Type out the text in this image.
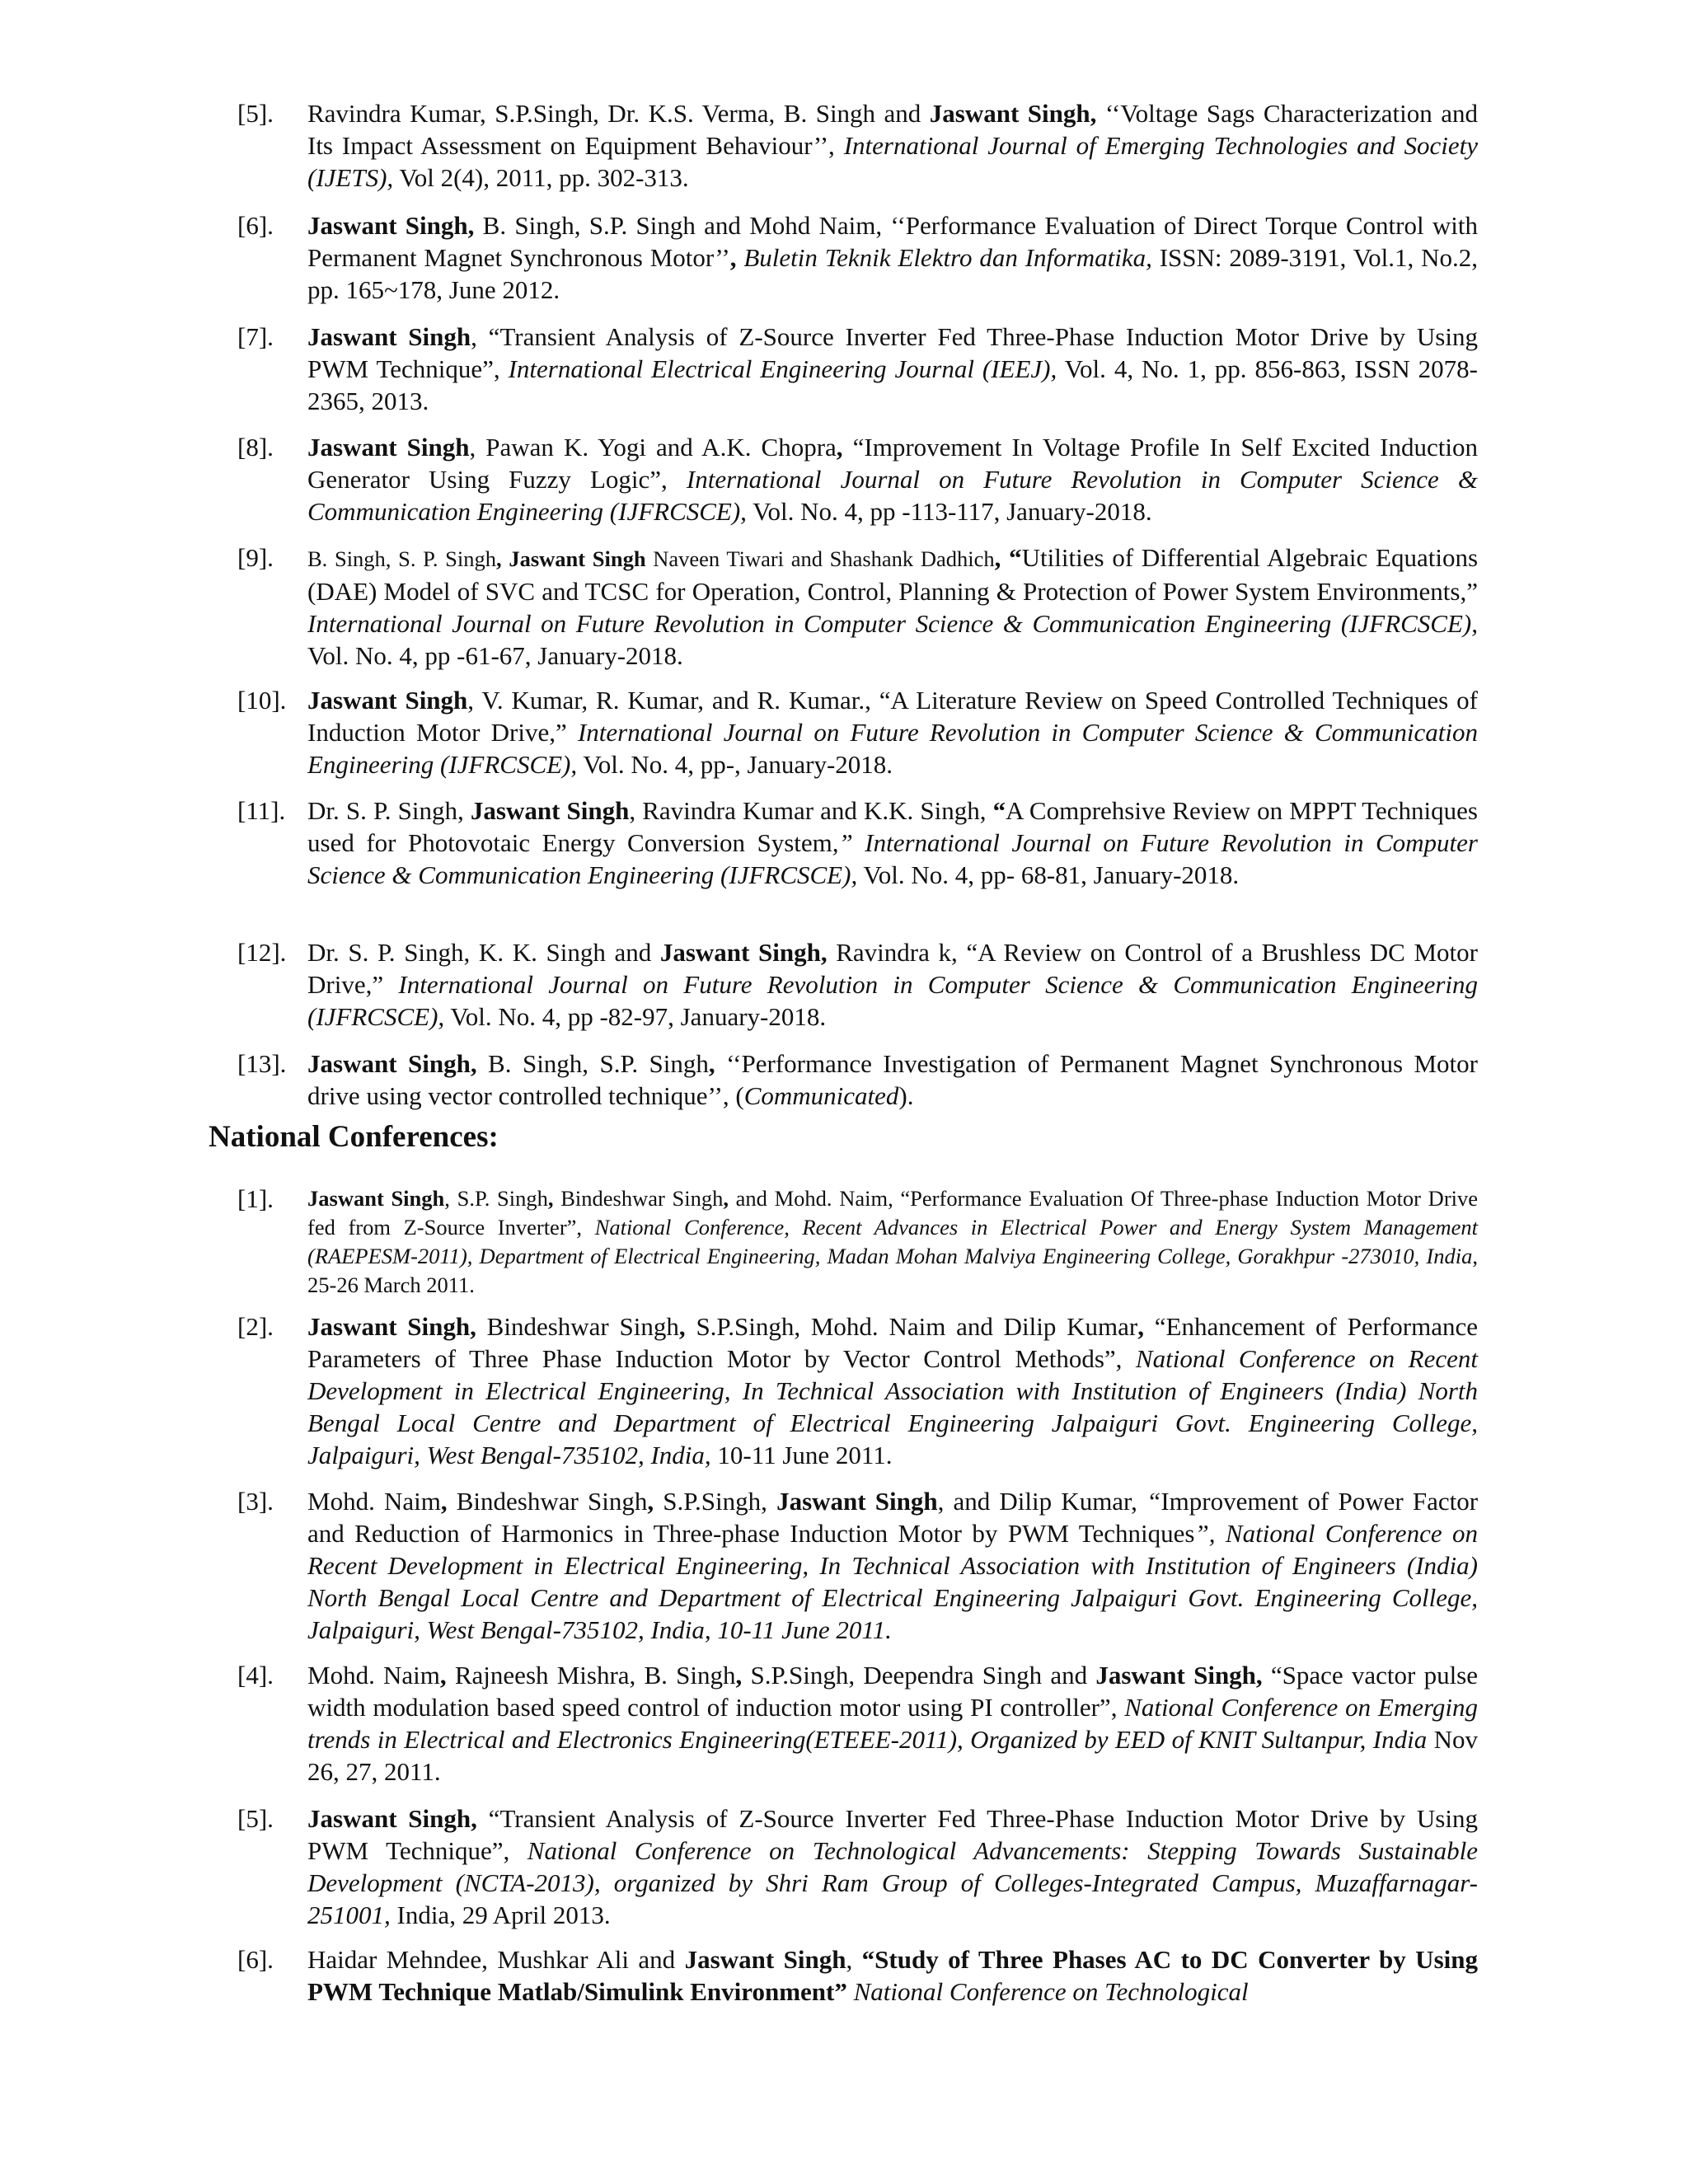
[5].	Ravindra Kumar, S.P.Singh, Dr. K.S. Verma, B. Singh and Jaswant Singh, ‘‘Voltage Sags Characterization and Its Impact Assessment on Equipment Behaviour’’, International Journal of Emerging Technologies and Society (IJETS), Vol 2(4), 2011, pp. 302-313.
[6].	Jaswant Singh, B. Singh, S.P. Singh and Mohd Naim, ‘‘Performance Evaluation of Direct Torque Control with Permanent Magnet Synchronous Motor’’, Buletin Teknik Elektro dan Informatika, ISSN: 2089-3191, Vol.1, No.2, pp. 165~178, June 2012.
[7].	Jaswant Singh, “Transient Analysis of Z-Source Inverter Fed Three-Phase Induction Motor Drive by Using PWM Technique”, International Electrical Engineering Journal (IEEJ), Vol. 4, No. 1, pp. 856-863, ISSN 2078-2365, 2013.
[8].	Jaswant Singh, Pawan K. Yogi and A.K. Chopra, “Improvement In Voltage Profile In Self Excited Induction Generator Using Fuzzy Logic”, International Journal on Future Revolution in Computer Science & Communication Engineering (IJFRCSCE), Vol. No. 4, pp -113-117, January-2018.
[9].	B. Singh, S. P. Singh, Jaswant Singh Naveen Tiwari and Shashank Dadhich, “Utilities of Differential Algebraic Equations (DAE) Model of SVC and TCSC for Operation, Control, Planning & Protection of Power System Environments,” International Journal on Future Revolution in Computer Science & Communication Engineering (IJFRCSCE), Vol. No. 4, pp -61-67, January-2018.
[10]. Jaswant Singh, V. Kumar, R. Kumar, and R. Kumar., “A Literature Review on Speed Controlled Techniques of Induction Motor Drive,” International Journal on Future Revolution in Computer Science & Communication Engineering (IJFRCSCE), Vol. No. 4, pp-, January-2018.
[11]. Dr. S. P. Singh, Jaswant Singh, Ravindra Kumar and K.K. Singh, “A Comprehsive Review on MPPT Techniques used for Photovotaic Energy Conversion System,” International Journal on Future Revolution in Computer Science & Communication Engineering (IJFRCSCE), Vol. No. 4, pp- 68-81, January-2018.
[12]. Dr. S. P. Singh, K. K. Singh and Jaswant Singh, Ravindra k, “A Review on Control of a Brushless DC Motor Drive,” International Journal on Future Revolution in Computer Science & Communication Engineering (IJFRCSCE), Vol. No. 4, pp -82-97, January-2018.
[13]. Jaswant Singh, B. Singh, S.P. Singh, ‘‘Performance Investigation of Permanent Magnet Synchronous Motor drive using vector controlled technique’’, (Communicated).
National Conferences:
[1].	Jaswant Singh, S.P. Singh, Bindeshwar Singh, and Mohd. Naim, “Performance Evaluation Of Three-phase Induction Motor Drive fed from Z-Source Inverter”, National Conference, Recent Advances in Electrical Power and Energy System Management (RAEPESM-2011), Department of Electrical Engineering, Madan Mohan Malviya Engineering College, Gorakhpur -273010, India, 25-26 March 2011.
[2].	Jaswant Singh, Bindeshwar Singh, S.P.Singh, Mohd. Naim and Dilip Kumar, “Enhancement of Performance Parameters of Three Phase Induction Motor by Vector Control Methods”, National Conference on Recent Development in Electrical Engineering, In Technical Association with Institution of Engineers (India) North Bengal Local Centre and Department of Electrical Engineering Jalpaiguri Govt. Engineering College, Jalpaiguri, West Bengal-735102, India, 10-11 June 2011.
[3].	Mohd. Naim, Bindeshwar Singh, S.P.Singh, Jaswant Singh, and Dilip Kumar, “Improvement of Power Factor and Reduction of Harmonics in Three-phase Induction Motor by PWM Techniques”, National Conference on Recent Development in Electrical Engineering, In Technical Association with Institution of Engineers (India) North Bengal Local Centre and Department of Electrical Engineering Jalpaiguri Govt. Engineering College, Jalpaiguri, West Bengal-735102, India, 10-11 June 2011.
[4].	Mohd. Naim, Rajneesh Mishra, B. Singh, S.P.Singh, Deependra Singh and Jaswant Singh, “Space vactor pulse width modulation based speed control of induction motor using PI controller”, National Conference on Emerging trends in Electrical and Electronics Engineering(ETEEE-2011), Organized by EED of KNIT Sultanpur, India Nov 26, 27, 2011.
[5].	Jaswant Singh, “Transient Analysis of Z-Source Inverter Fed Three-Phase Induction Motor Drive by Using PWM Technique”, National Conference on Technological Advancements: Stepping Towards Sustainable Development (NCTA-2013), organized by Shri Ram Group of Colleges-Integrated Campus, Muzaffarnagar-251001, India, 29 April 2013.
[6].	Haidar Mehndee, Mushkar Ali and Jaswant Singh, “Study of Three Phases AC to DC Converter by Using PWM Technique Matlab/Simulink Environment” National Conference on Technological
